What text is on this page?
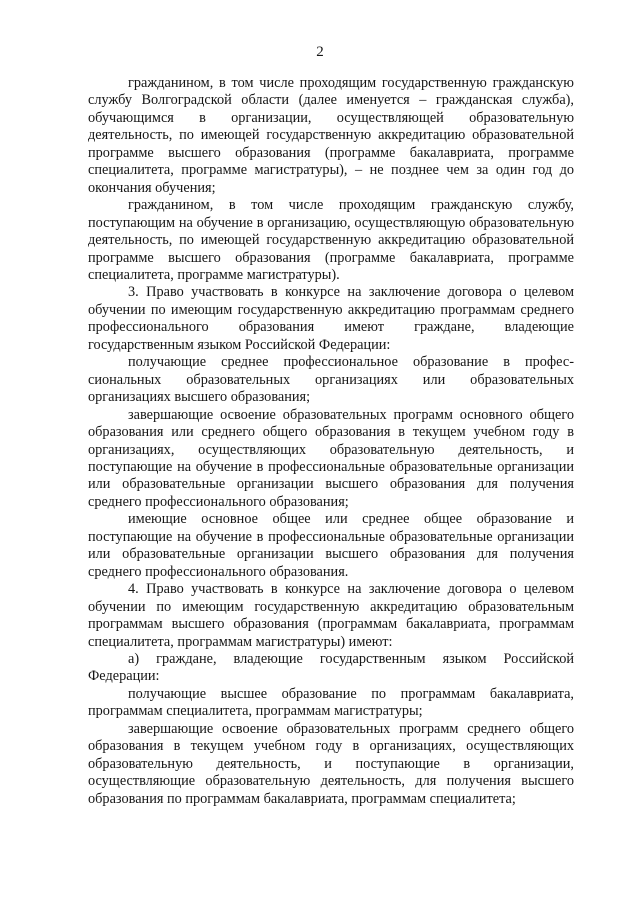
2

гражданином, в том числе проходящим государственную гражданскую службу Волгоградской области (далее именуется – гражданская служба), обучающимся в организации, осуществляющей образовательную деятельность, по имеющей государственную аккредитацию образовательной программе высшего образования (программе бакалавриата, программе специалитета, программе магистратуры), – не позднее чем за один год до окончания обучения;

гражданином, в том числе проходящим гражданскую службу, поступающим на обучение в организацию, осуществляющую образовательную деятельность, по имеющей государственную аккредитацию образовательной программе высшего образования (программе бакалавриата, программе специалитета, программе магистратуры).

3. Право участвовать в конкурсе на заключение договора о целевом обучении по имеющим государственную аккредитацию программам среднего профессионального образования имеют граждане, владеющие государственным языком Российской Федерации:

получающие среднее профессиональное образование в профессиональных образовательных организациях или образовательных организациях высшего образования;

завершающие освоение образовательных программ основного общего образования или среднего общего образования в текущем учебном году в организациях, осуществляющих образовательную деятельность, и поступающие на обучение в профессиональные образовательные организации или образовательные организации высшего образования для получения среднего профессионального образования;

имеющие основное общее или среднее общее образование и поступающие на обучение в профессиональные образовательные организации или образовательные организации высшего образования для получения среднего профессионального образования.

4. Право участвовать в конкурсе на заключение договора о целевом обучении по имеющим государственную аккредитацию образовательным программам высшего образования (программам бакалавриата, программам специалитета, программам магистратуры) имеют:

а) граждане, владеющие государственным языком Российской Федерации:

получающие высшее образование по программам бакалавриата, программам специалитета, программам магистратуры;

завершающие освоение образовательных программ среднего общего образования в текущем учебном году в организациях, осуществляющих образовательную деятельность, и поступающие в организации, осуществляющие образовательную деятельность, для получения высшего образования по программам бакалавриата, программам специалитета;
